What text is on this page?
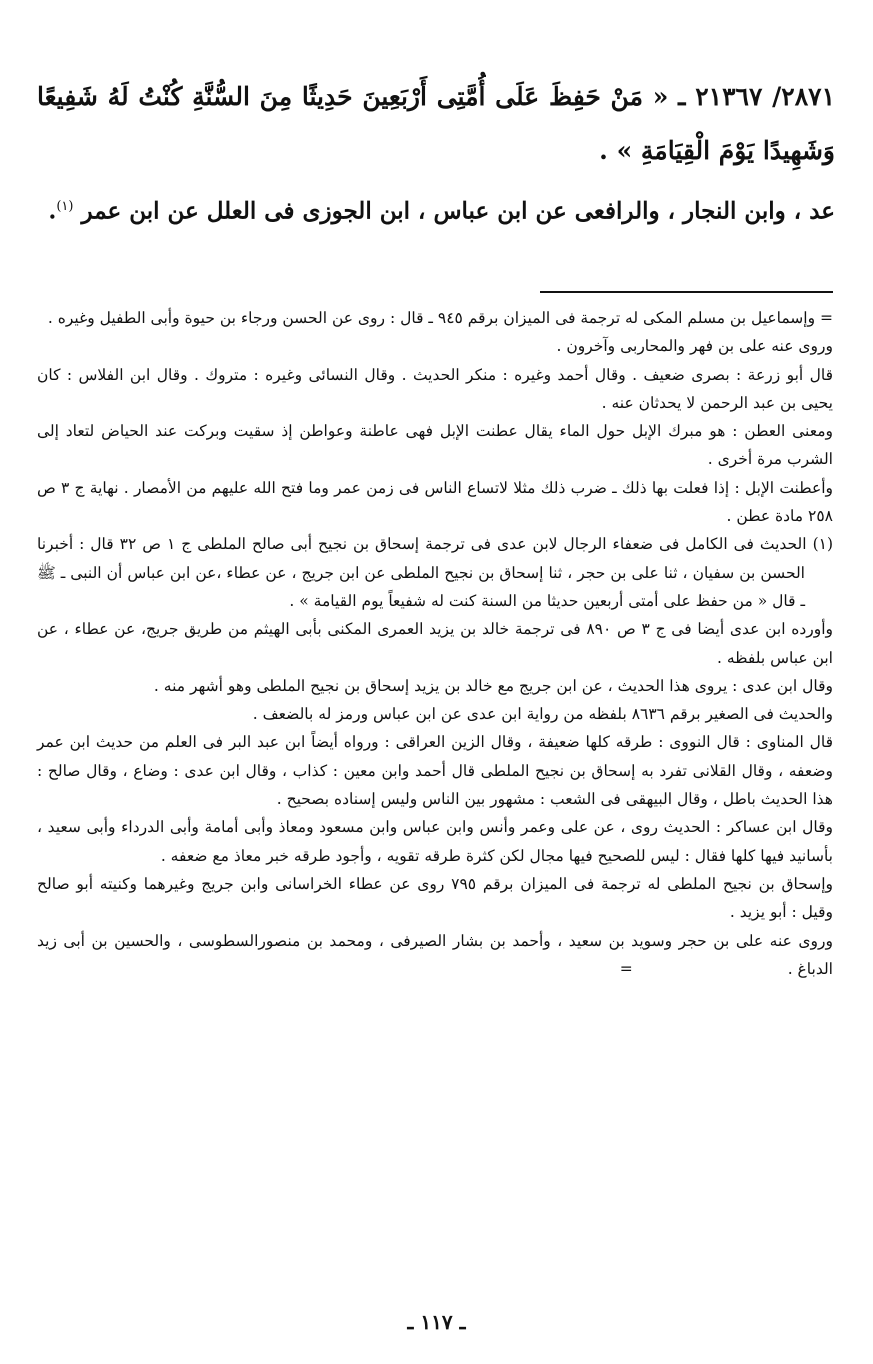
٢٨٧١/ ٢١٣٦٧ ـ « مَنْ حَفِظَ عَلَى أُمَّتِى أَرْبَعِينَ حَدِيثًا مِنَ السُّنَّةِ كُنْتُ لَهُ شَفِيعًا وَشَهِيدًا يَوْمَ الْقِيَامَةِ » .

عد ، وابن النجار ، والرافعى عن ابن عباس ، ابن الجوزى فى العلل عن ابن عمر $^{(١)}$.

= وإسماعيل بن مسلم المكى له ترجمة فى الميزان برقم ٩٤٥ ـ قال : روى عن الحسن ورجاء بن حيوة وأبى الطفيل وغيره .

وروى عنه على بن فهر والمحاربى وآخرون .

قال أبو زرعة : بصرى ضعيف . وقال أحمد وغيره : منكر الحديث . وقال النسائى وغيره : متروك . وقال ابن الفلاس : كان يحيى بن عبد الرحمن لا يحدثان عنه .

ومعنى العطن : هو مبرك الإبل حول الماء يقال عطنت الإبل فهى عاطنة وعواطن إذ سقيت وبركت عند الحياض لتعاد إلى الشرب مرة أخرى .

وأعطنت الإبل : إذا فعلت بها ذلك ـ ضرب ذلك مثلا لاتساع الناس فى زمن عمر وما فتح الله عليهم من الأمصار . نهاية ج ٣ ص ٢٥٨ مادة عطن .

(١) الحديث فى الكامل فى ضعفاء الرجال لابن عدى فى ترجمة إسحاق بن نجيح أبى صالح الملطى ج ١ ص ٣٢ قال : أخبرنا الحسن بن سفيان ، ثنا على بن حجر ، ثنا إسحاق بن نجيح الملطى عن ابن جريج ، عن عطاء ،عن ابن عباس أن النبى ـ ﷺ ـ قال « من حفظ على أمتى أربعين حديثا من السنة كنت له شفيعاً يوم القيامة » .

وأورده ابن عدى أيضا فى ج ٣ ص ٨٩٠ فى ترجمة خالد بن يزيد العمرى المكنى بأبى الهيثم من طريق جريج، عن عطاء ، عن ابن عباس بلفظه .

وقال ابن عدى : يروى هذا الحديث ، عن ابن جريج مع خالد بن يزيد إسحاق بن نجيح الملطى وهو أشهر منه .

والحديث فى الصغير برقم ٨٦٣٦ بلفظه من رواية ابن عدى عن ابن عباس ورمز له بالضعف .

قال المناوى : قال النووى : طرقه كلها ضعيفة ، وقال الزين العراقى : ورواه أيضاً ابن عبد البر فى العلم من حديث ابن عمر وضعفه ، وقال القلانى تفرد به إسحاق بن نجيح الملطى قال أحمد وابن معين : كذاب ، وقال ابن عدى : وضاع ، وقال صالح : هذا الحديث باطل ، وقال البيهقى فى الشعب : مشهور بين الناس وليس إسناده بصحيح .

وقال ابن عساكر : الحديث روى ، عن على وعمر وأنس وابن عباس وابن مسعود ومعاذ وأبى أمامة وأبى الدرداء وأبى سعيد ، بأسانيد فيها كلها فقال : ليس للصحيح فيها مجال لكن كثرة طرقه تقويه ، وأجود طرقه خبر معاذ مع ضعفه .

وإسحاق بن نجيح الملطى له ترجمة فى الميزان برقم ٧٩٥ روى عن عطاء الخراسانى وابن جريج وغيرهما وكنيته أبو صالح وقيل : أبو يزيد .

وروى عنه على بن حجر وسويد بن سعيد ، وأحمد بن بشار الصيرفى ، ومحمد بن منصورالسطوسى ، والحسين بن أبى زيد الدباغ . =

ـ ١١٧ ـ
